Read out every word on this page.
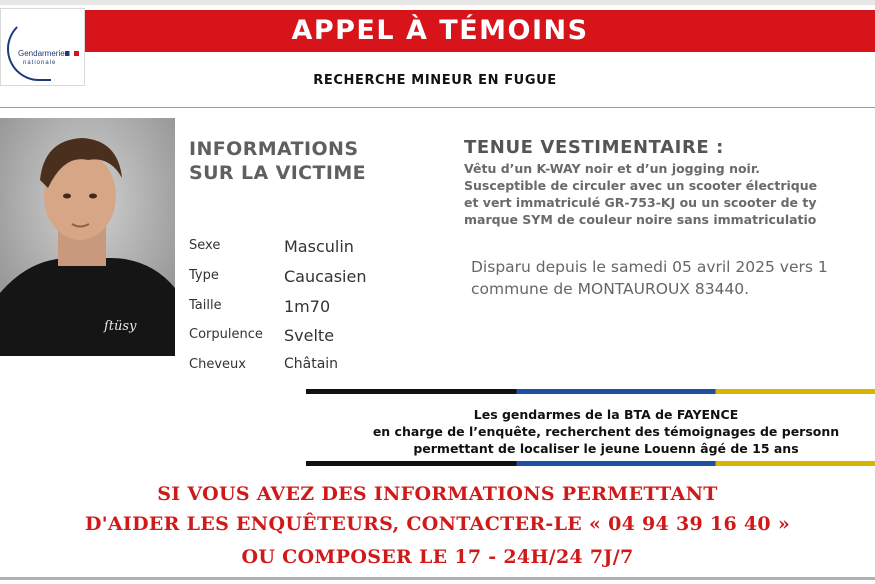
Gendarmerie
nationale
APPEL À TÉMOINS
RECHERCHE MINEUR EN FUGUE
ſtüsy
INFORMATIONS
SUR LA VICTIME
Sexe	Masculin
Type	Caucasien
Taille	1m70
Corpulence Svelte
Cheveux	Châtain
TENUE VESTIMENTAIRE :
Vêtu d’un K-WAY noir et d’un jogging noir.
Susceptible de circuler avec un scooter électrique
et vert immatriculé GR-753-KJ ou un scooter de ty
marque SYM de couleur noire sans immatriculatio
Disparu depuis le samedi 05 avril 2025 vers 1
commune de MONTAUROUX 83440.
Les gendarmes de la BTA de FAYENCE
en charge de l’enquête, recherchent des témoignages de personn
permettant de localiser le jeune Louenn âgé de 15 ans
SI VOUS AVEZ DES INFORMATIONS PERMETTANT
D'AIDER LES ENQUÊTEURS, CONTACTER-LE « 04 94 39 16 40 »
OU COMPOSER LE 17 - 24H/24 7J/7
